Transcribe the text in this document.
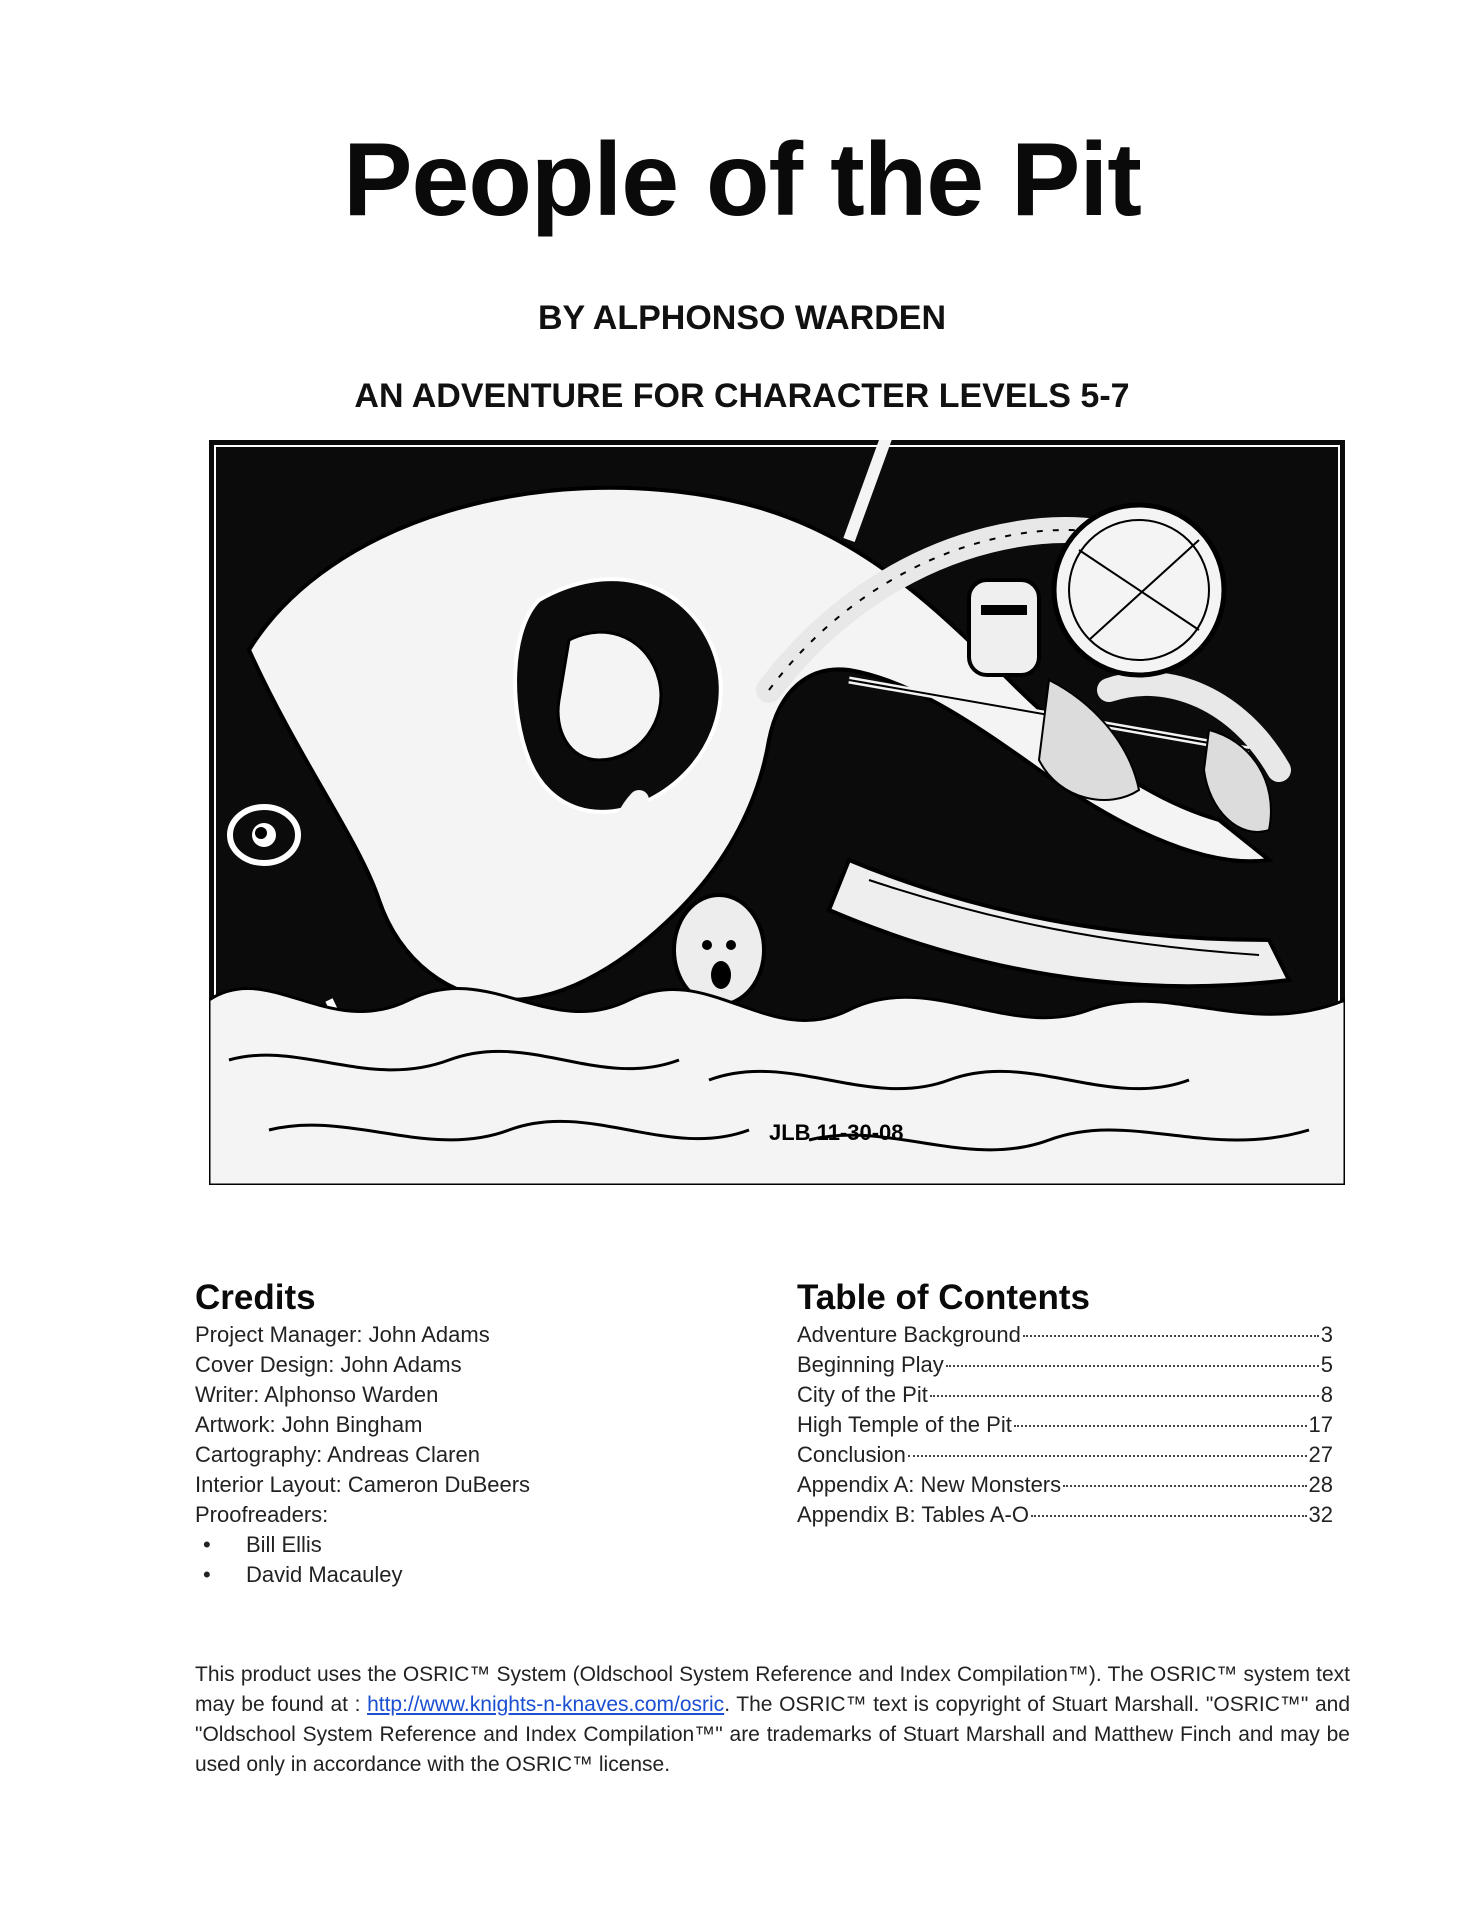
People of the Pit
BY ALPHONSO WARDEN
AN ADVENTURE FOR CHARACTER LEVELS 5-7
JLB 11-30-08
Credits
Project Manager: John Adams
Cover Design: John Adams
Writer: Alphonso Warden
Artwork: John Bingham
Cartography: Andreas Claren
Interior Layout: Cameron DuBeers
Proofreaders:
•	Bill Ellis
•	David Macauley
Table of Contents
Adventure Background	3
Beginning Play	5
City of the Pit	8
High Temple of the Pit	17
Conclusion	27
Appendix A: New Monsters	28
Appendix B: Tables A-O	32
This product uses the OSRIC™ System (Oldschool System Reference and Index Compilation™). The OSRIC™ system text may be found at : http://www.knights-n-knaves.com/osric. The OSRIC™ text is copyright of Stuart Marshall. "OSRIC™" and "Oldschool System Reference and Index Compilation™" are trademarks of Stuart Marshall and Matthew Finch and may be used only in accordance with the OSRIC™ license.
